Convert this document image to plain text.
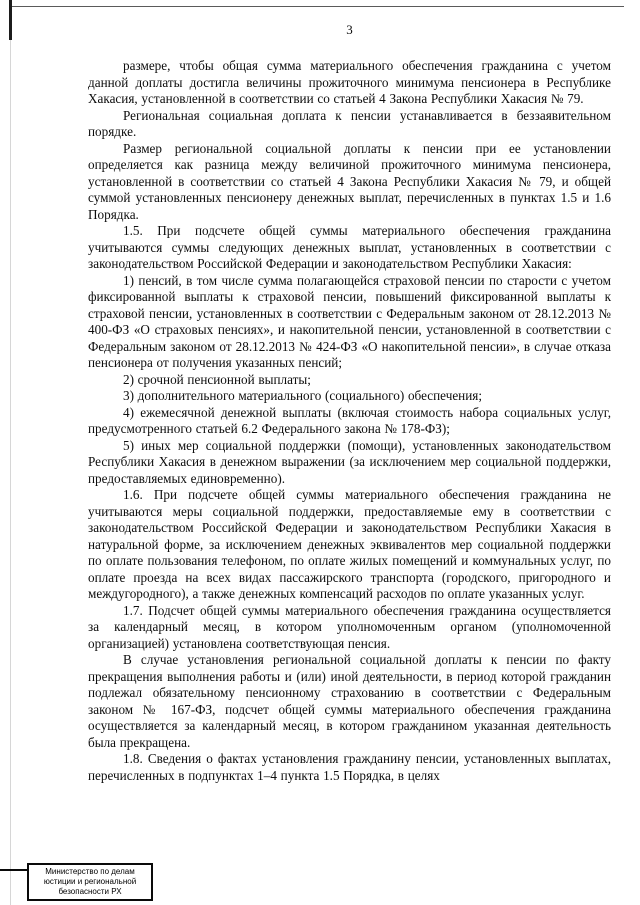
3

размере, чтобы общая сумма материального обеспечения гражданина с учетом данной доплаты достигла величины прожиточного минимума пенсионера в Республике Хакасия, установленной в соответствии со статьей 4 Закона Республики Хакасия № 79.

Региональная социальная доплата к пенсии устанавливается в беззаявительном порядке.

Размер региональной социальной доплаты к пенсии при ее установлении определяется как разница между величиной прожиточного минимума пенсионера, установленной в соответствии со статьей 4 Закона Республики Хакасия № 79, и общей суммой установленных пенсионеру денежных выплат, перечисленных в пунктах 1.5 и 1.6 Порядка.

1.5. При подсчете общей суммы материального обеспечения гражданина учитываются суммы следующих денежных выплат, установленных в соответствии с законодательством Российской Федерации и законодательством Республики Хакасия:

1) пенсий, в том числе сумма полагающейся страховой пенсии по старости с учетом фиксированной выплаты к страховой пенсии, повышений фиксированной выплаты к страховой пенсии, установленных в соответствии с Федеральным законом от 28.12.2013 № 400-ФЗ «О страховых пенсиях», и накопительной пенсии, установленной в соответствии с Федеральным законом от 28.12.2013 № 424-ФЗ «О накопительной пенсии», в случае отказа пенсионера от получения указанных пенсий;

2) срочной пенсионной выплаты;

3) дополнительного материального (социального) обеспечения;

4) ежемесячной денежной выплаты (включая стоимость набора социальных услуг, предусмотренного статьей 6.2 Федерального закона № 178-ФЗ);

5) иных мер социальной поддержки (помощи), установленных законодательством Республики Хакасия в денежном выражении (за исключением мер социальной поддержки, предоставляемых единовременно).

1.6. При подсчете общей суммы материального обеспечения гражданина не учитываются меры социальной поддержки, предоставляемые ему в соответствии с законодательством Российской Федерации и законодательством Республики Хакасия в натуральной форме, за исключением денежных эквивалентов мер социальной поддержки по оплате пользования телефоном, по оплате жилых помещений и коммунальных услуг, по оплате проезда на всех видах пассажирского транспорта (городского, пригородного и междугородного), а также денежных компенсаций расходов по оплате указанных услуг.

1.7. Подсчет общей суммы материального обеспечения гражданина осуществляется за календарный месяц, в котором уполномоченным органом (уполномоченной организацией) установлена соответствующая пенсия.

В случае установления региональной социальной доплаты к пенсии по факту прекращения выполнения работы и (или) иной деятельности, в период которой гражданин подлежал обязательному пенсионному страхованию в соответствии с Федеральным законом № 167-ФЗ, подсчет общей суммы материального обеспечения гражданина осуществляется за календарный месяц, в котором гражданином указанная деятельность была прекращена.

1.8. Сведения о фактах установления гражданину пенсии, установленных выплатах, перечисленных в подпунктах 1–4 пункта 1.5 Порядка, в целях

Министерство по делам
юстиции и региональной
безопасности РХ
